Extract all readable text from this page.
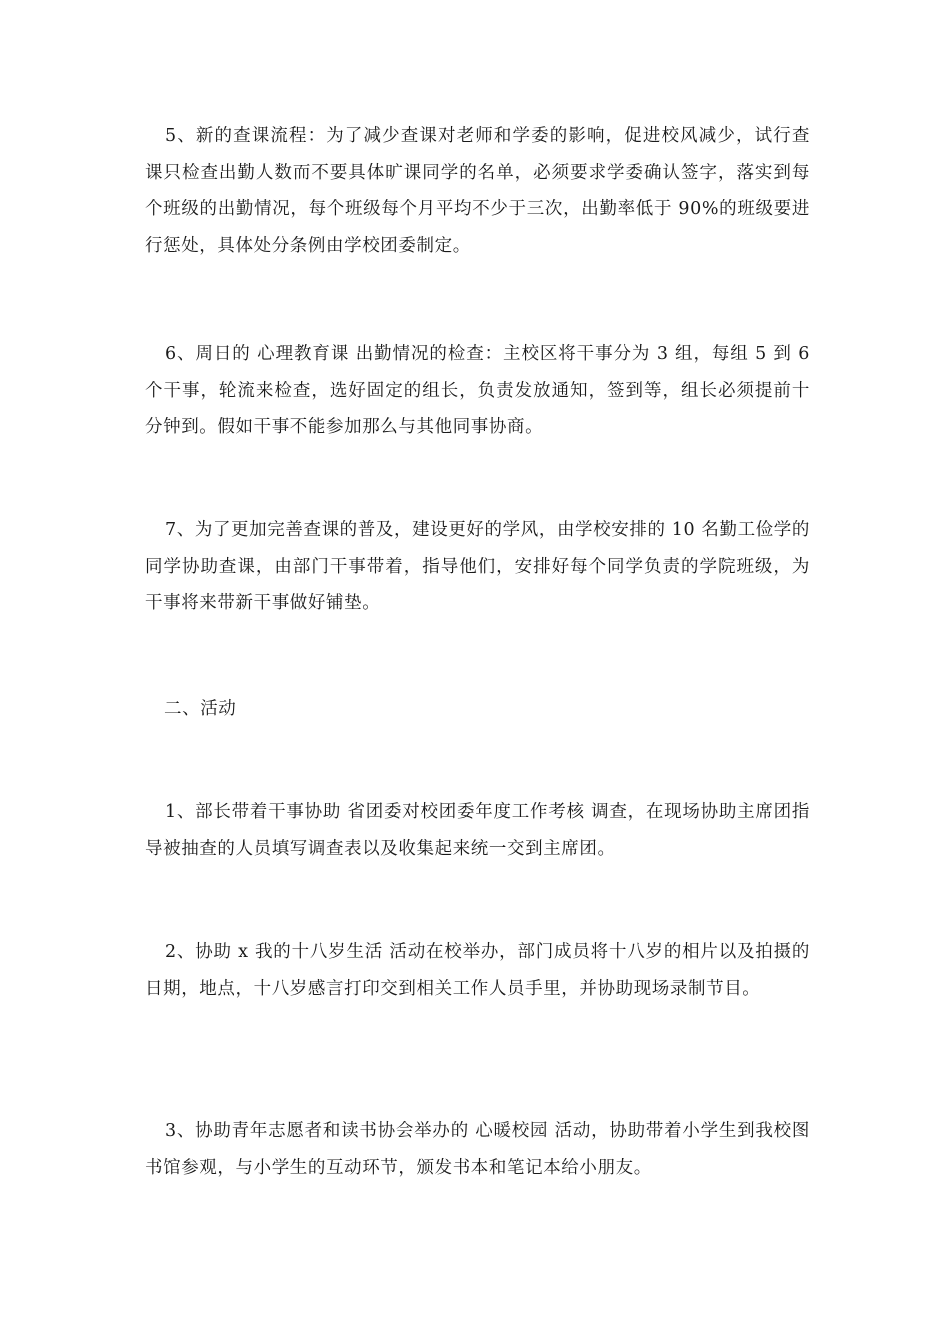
5、新的查课流程：为了减少查课对老师和学委的影响，促进校风减少，试行查课只检查出勤人数而不要具体旷课同学的名单，必须要求学委确认签字，落实到每个班级的出勤情况，每个班级每个月平均不少于三次，出勤率低于 90%的班级要进行惩处，具体处分条例由学校团委制定。

6、周日的 心理教育课 出勤情况的检查：主校区将干事分为 3 组，每组 5 到 6 个干事，轮流来检查，选好固定的组长，负责发放通知，签到等，组长必须提前十分钟到。假如干事不能参加那么与其他同事协商。

7、为了更加完善查课的普及，建设更好的学风，由学校安排的 10 名勤工俭学的同学协助查课，由部门干事带着，指导他们，安排好每个同学负责的学院班级，为干事将来带新干事做好铺垫。

二、活动

1、部长带着干事协助 省团委对校团委年度工作考核 调查，在现场协助主席团指导被抽查的人员填写调查表以及收集起来统一交到主席团。

2、协助 x 我的十八岁生活 活动在校举办，部门成员将十八岁的相片以及拍摄的日期，地点，十八岁感言打印交到相关工作人员手里，并协助现场录制节目。

3、协助青年志愿者和读书协会举办的 心暖校园 活动，协助带着小学生到我校图书馆参观，与小学生的互动环节，颁发书本和笔记本给小朋友。
